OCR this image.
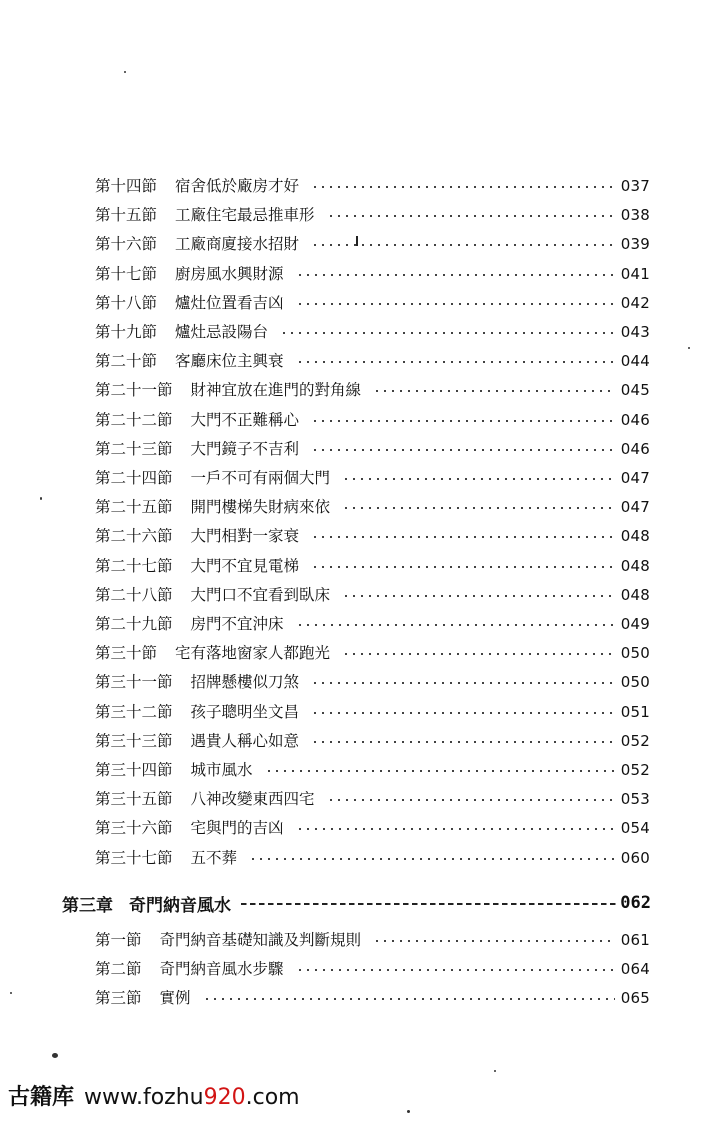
第十四節 宿舍低於廠房才好	037
第十五節 工廠住宅最忌推車形	038
第十六節 工廠商廈接水招財	039
第十七節 廚房風水興財源	041
第十八節 爐灶位置看吉凶	042
第十九節 爐灶忌設陽台	043
第二十節 客廳床位主興衰	044
第二十一節 財神宜放在進門的對角線	045
第二十二節 大門不正難稱心	046
第二十三節 大門鏡子不吉利	046
第二十四節 一戶不可有兩個大門	047
第二十五節 開門樓梯失財病來依	047
第二十六節 大門相對一家衰	048
第二十七節 大門不宜見電梯	048
第二十八節 大門口不宜看到臥床	048
第二十九節 房門不宜沖床	049
第三十節 宅有落地窗家人都跑光	050
第三十一節 招牌懸樓似刀煞	050
第三十二節 孩子聰明坐文昌	051
第三十三節 遇貴人稱心如意	052
第三十四節 城市風水	052
第三十五節 八神改變東西四宅	053
第三十六節 宅與門的吉凶	054
第三十七節 五不葬	060
第三章 奇門納音風水	062
第一節 奇門納音基礎知識及判斷規則	061
第二節 奇門納音風水步驟	064
第三節 實例	065
古籍库 www.fozhu920.com
